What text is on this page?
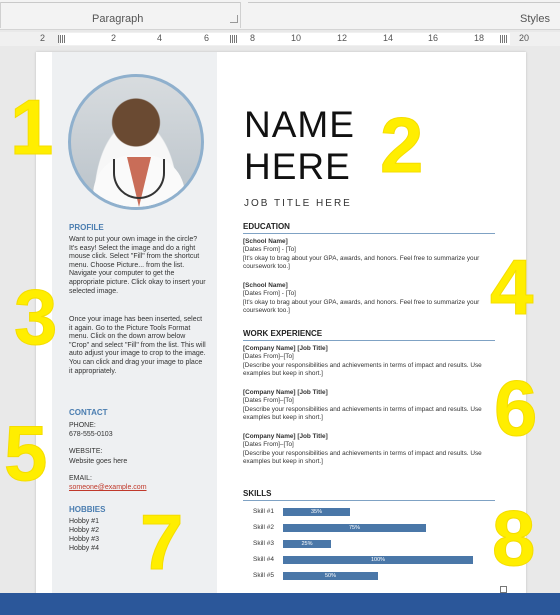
Paragraph	Styles
2	2	4	6	8	10	12	14	16	18	20
PROFILE
Want to put your own image in the circle? It's easy! Select the image and do a right mouse click. Select "Fill" from the shortcut menu. Choose Picture... from the list. Navigate your computer to get the appropriate picture. Click okay to insert your selected image.
Once your image has been inserted, select it again. Go to the Picture Tools Format menu. Click on the down arrow below "Crop" and select "Fill" from the list. This will auto adjust your image to crop to the image. You can click and drag your image to place it appropriately.
CONTACT
PHONE:
678-555-0103
WEBSITE:
Website goes here
EMAIL:
someone@example.com
HOBBIES
Hobby #1
Hobby #2
Hobby #3
Hobby #4
NAME
HERE
JOB TITLE HERE
EDUCATION
[School Name]
[Dates From] - [To]
[It's okay to brag about your GPA, awards, and honors. Feel free to summarize your coursework too.]
[School Name]
[Dates From] - [To]
[It's okay to brag about your GPA, awards, and honors. Feel free to summarize your coursework too.]
WORK EXPERIENCE
[Company Name] [Job Title]
[Dates From]–[To]
[Describe your responsibilities and achievements in terms of impact and results. Use examples but keep in short.]
[Company Name] [Job Title]
[Dates From]–[To]
[Describe your responsibilities and achievements in terms of impact and results. Use examples but keep in short.]
[Company Name] [Job Title]
[Dates From]–[To]
[Describe your responsibilities and achievements in terms of impact and results. Use examples but keep in short.]
SKILLS
Skill #1	35%
Skill #2	75%
Skill #3	25%
Skill #4	100%
Skill #5	50%
1	2
3	4
5
6
7	8
